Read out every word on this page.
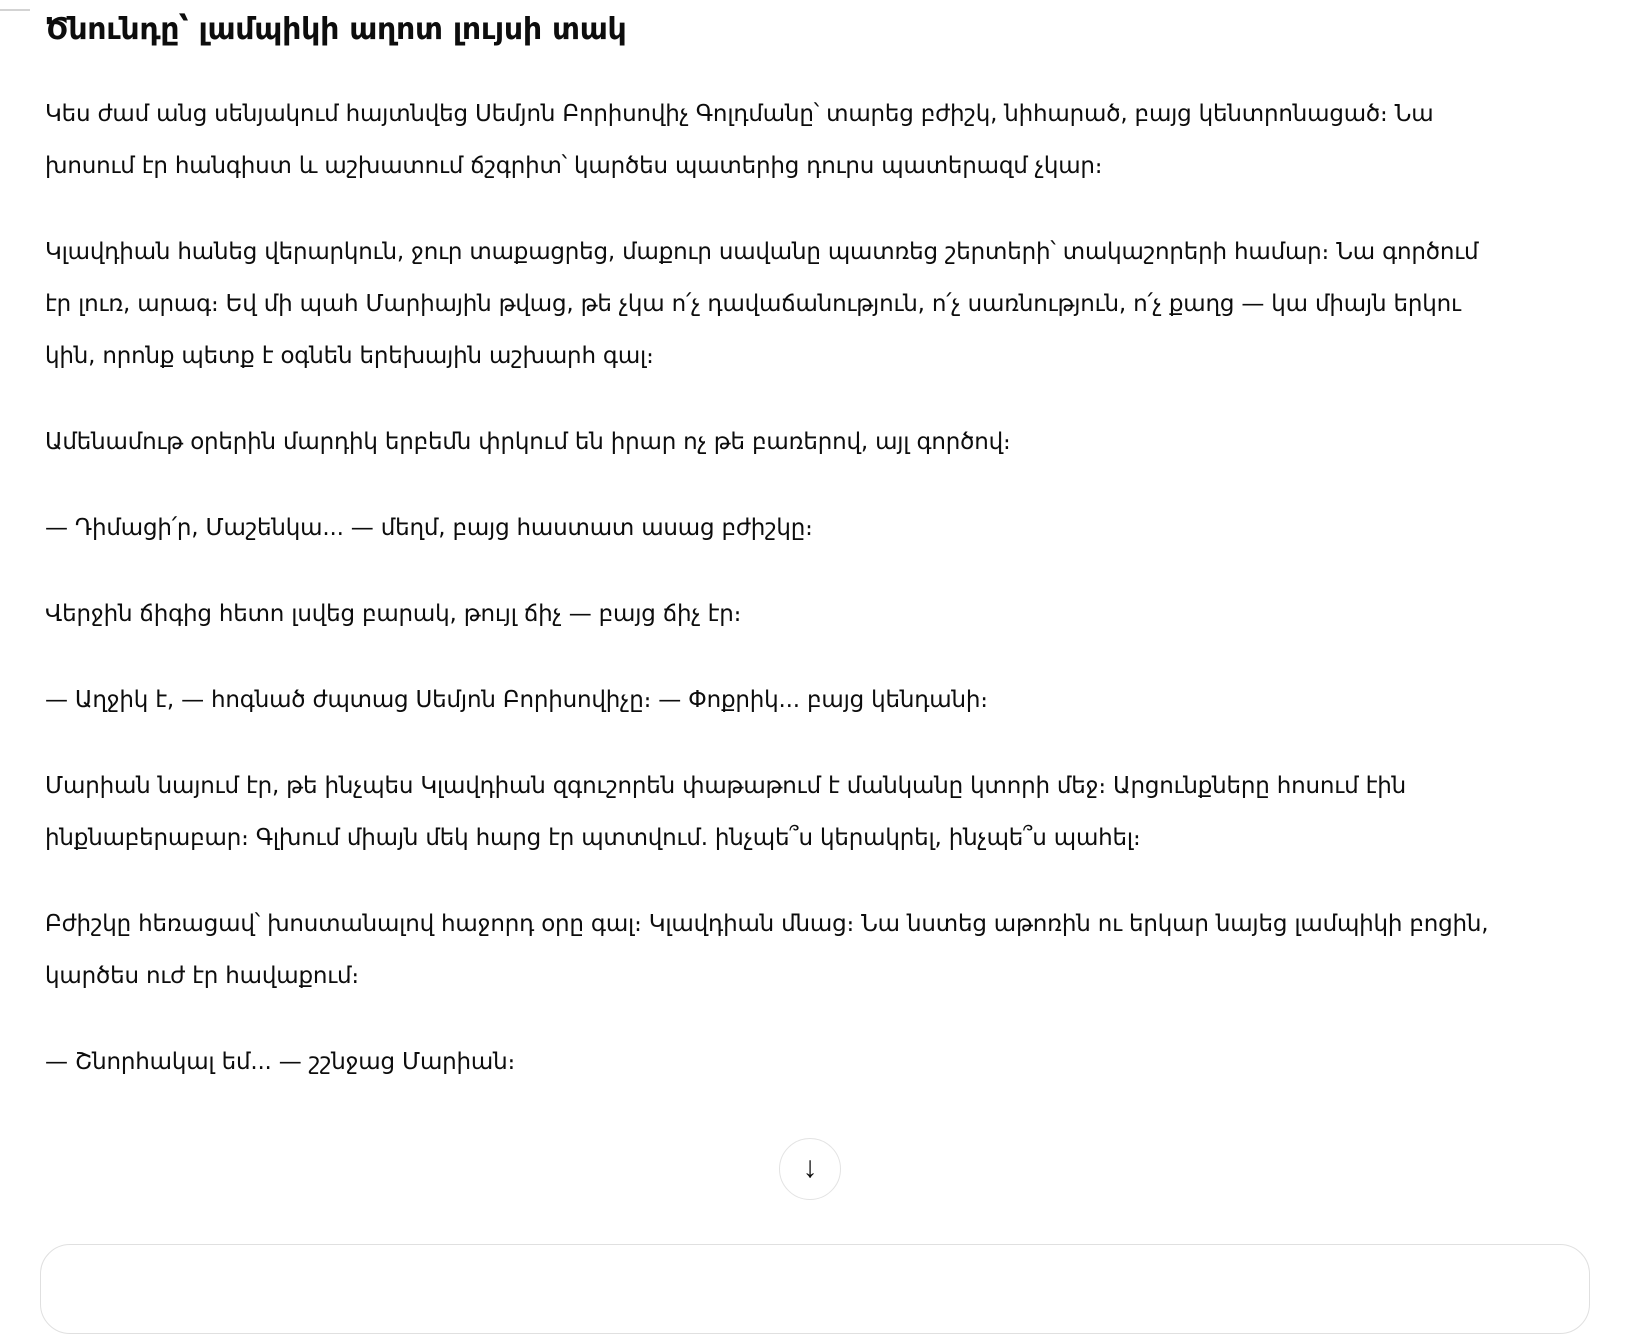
Ծնունդը՝ լամպիկի աղոտ լույսի տակ

Կես ժամ անց սենյակում հայտնվեց Սեմյոն Բորիսովիչ Գոլդմանը՝ տարեց բժիշկ, նիհարած, բայց կենտրոնացած։ Նա խոսում էր հանգիստ և աշխատում ճշգրիտ՝ կարծես պատերից դուրս պատերազմ չկար։

Կլավդիան հանեց վերարկուն, ջուր տաքացրեց, մաքուր սավանը պատռեց շերտերի՝ տակաշորերի համար։ Նա գործում էր լուռ, արագ։ Եվ մի պահ Մարիային թվաց, թե չկա ո՛չ դավաճանություն, ո՛չ սառնություն, ո՛չ քաղց — կա միայն երկու կին, որոնք պետք է օգնեն երեխային աշխարհ գալ։

Ամենամութ օրերին մարդիկ երբեմն փրկում են իրար ոչ թե բառերով, այլ գործով։

— Դիմացի՛ր, Մաշենկա... — մեղմ, բայց հաստատ ասաց բժիշկը։

Վերջին ճիգից հետո լսվեց բարակ, թույլ ճիչ — բայց ճիչ էր։

— Աղջիկ է, — հոգնած ժպտաց Սեմյոն Բորիսովիչը։ — Փոքրիկ... բայց կենդանի։

Մարիան նայում էր, թե ինչպես Կլավդիան զգուշորեն փաթաթում է մանկանը կտորի մեջ։ Արցունքները հոսում էին ինքնաբերաբար։ Գլխում միայն մեկ հարց էր պտտվում. ինչպե՞ս կերակրել, ինչպե՞ս պահել։

Բժիշկը հեռացավ՝ խոստանալով հաջորդ օրը գալ։ Կլավդիան մնաց։ Նա նստեց աթոռին ու երկար նայեց լամպիկի բոցին, կարծես ուժ էր հավաքում։

— Շնորհակալ եմ... — շշնջաց Մարիան։

↓
